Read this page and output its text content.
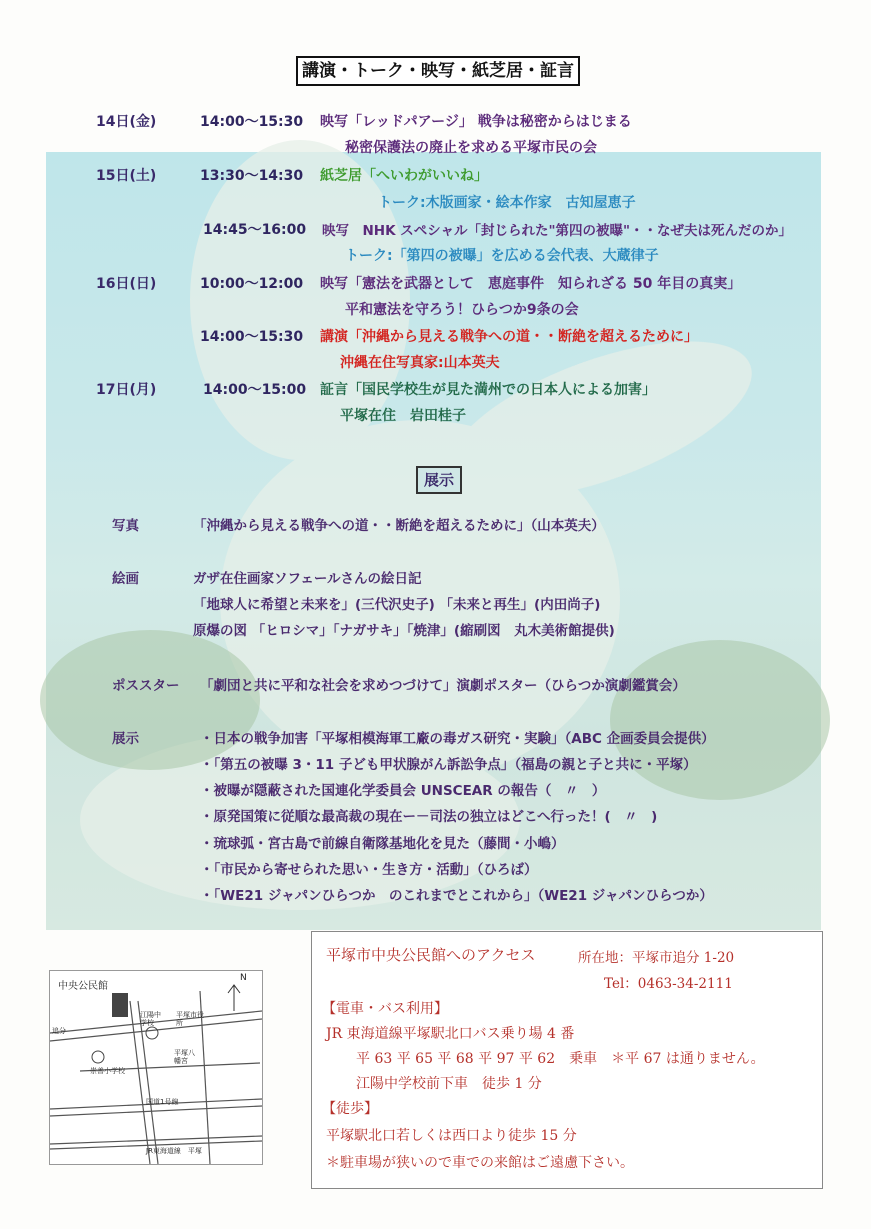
講演・トーク・映写・紙芝居・証言
14日(金)	14:00～15:30 映写「レッドパアージ」 戦争は秘密からはじまる
秘密保護法の廃止を求める平塚市民の会
15日(土)	13:30～14:30 紙芝居「へいわがいいね」
トーク:木版画家・絵本作家　古知屋恵子
14:45～16:00 映写　NHK スペシャル「封じられた"第四の被曝"・・なぜ夫は死んだのか」
トーク:「第四の被曝」を広める会代表、大蔵律子
16日(日)	10:00～12:00 映写「憲法を武器として　恵庭事件　知られざる 50 年目の真実」
平和憲法を守ろう！ひらつか9条の会
14:00～15:30 講演「沖縄から見える戦争への道・・断絶を超えるために」
沖縄在住写真家:山本英夫
17日(月)	14:00～15:00 証言「国民学校生が見た満州での日本人による加害」
平塚在住　岩田桂子
展示
写真	「沖縄から見える戦争への道・・断絶を超えるために」（山本英夫）
絵画	ガザ在住画家ソフェールさんの絵日記
「地球人に希望と未来を」(三代沢史子) 「未来と再生」(内田尚子)
原爆の図 「ヒロシマ」「ナガサキ」「焼津」(縮刷図　丸木美術館提供)
ポススター 「劇団と共に平和な社会を求めつづけて」演劇ポスター（ひらつか演劇鑑賞会）
展示	・日本の戦争加害「平塚相模海軍工廠の毒ガス研究・実験」（ABC 企画委員会提供）
・「第五の被曝 3・11 子ども甲状腺がん訴訟争点」（福島の親と子と共に・平塚）
・被曝が隠蔽された国連化学委員会 UNSCEAR の報告（　〃　）
・原発国策に従順な最高裁の現在ー－司法の独立はどこへ行った！(　〃　)
・琉球弧・宮古島で前線自衛隊基地化を見た（藤間・小嶋）
・「市民から寄せられた思い・生き方・活動」（ひろば）
・「WE21 ジャパンひらつか　のこれまでとこれから」（WE21 ジャパンひらつか）
中央公民館
N
江陽中学校
平塚市役所
平塚八幡宮
崇善小学校
追分
国道1号線
JR東海道線　平塚
平塚市中央公民館へのアクセス	所在地：平塚市追分 1-20
Tel：0463-34-2111
【電車・バス利用】
JR 東海道線平塚駅北口バス乗り場 4 番
平 63 平 65 平 68 平 97 平 62　乗車　＊平 67 は通りません。
江陽中学校前下車　徒歩 1 分
【徒歩】
平塚駅北口若しくは西口より徒歩 15 分
＊駐車場が狭いので車での来館はご遠慮下さい。
